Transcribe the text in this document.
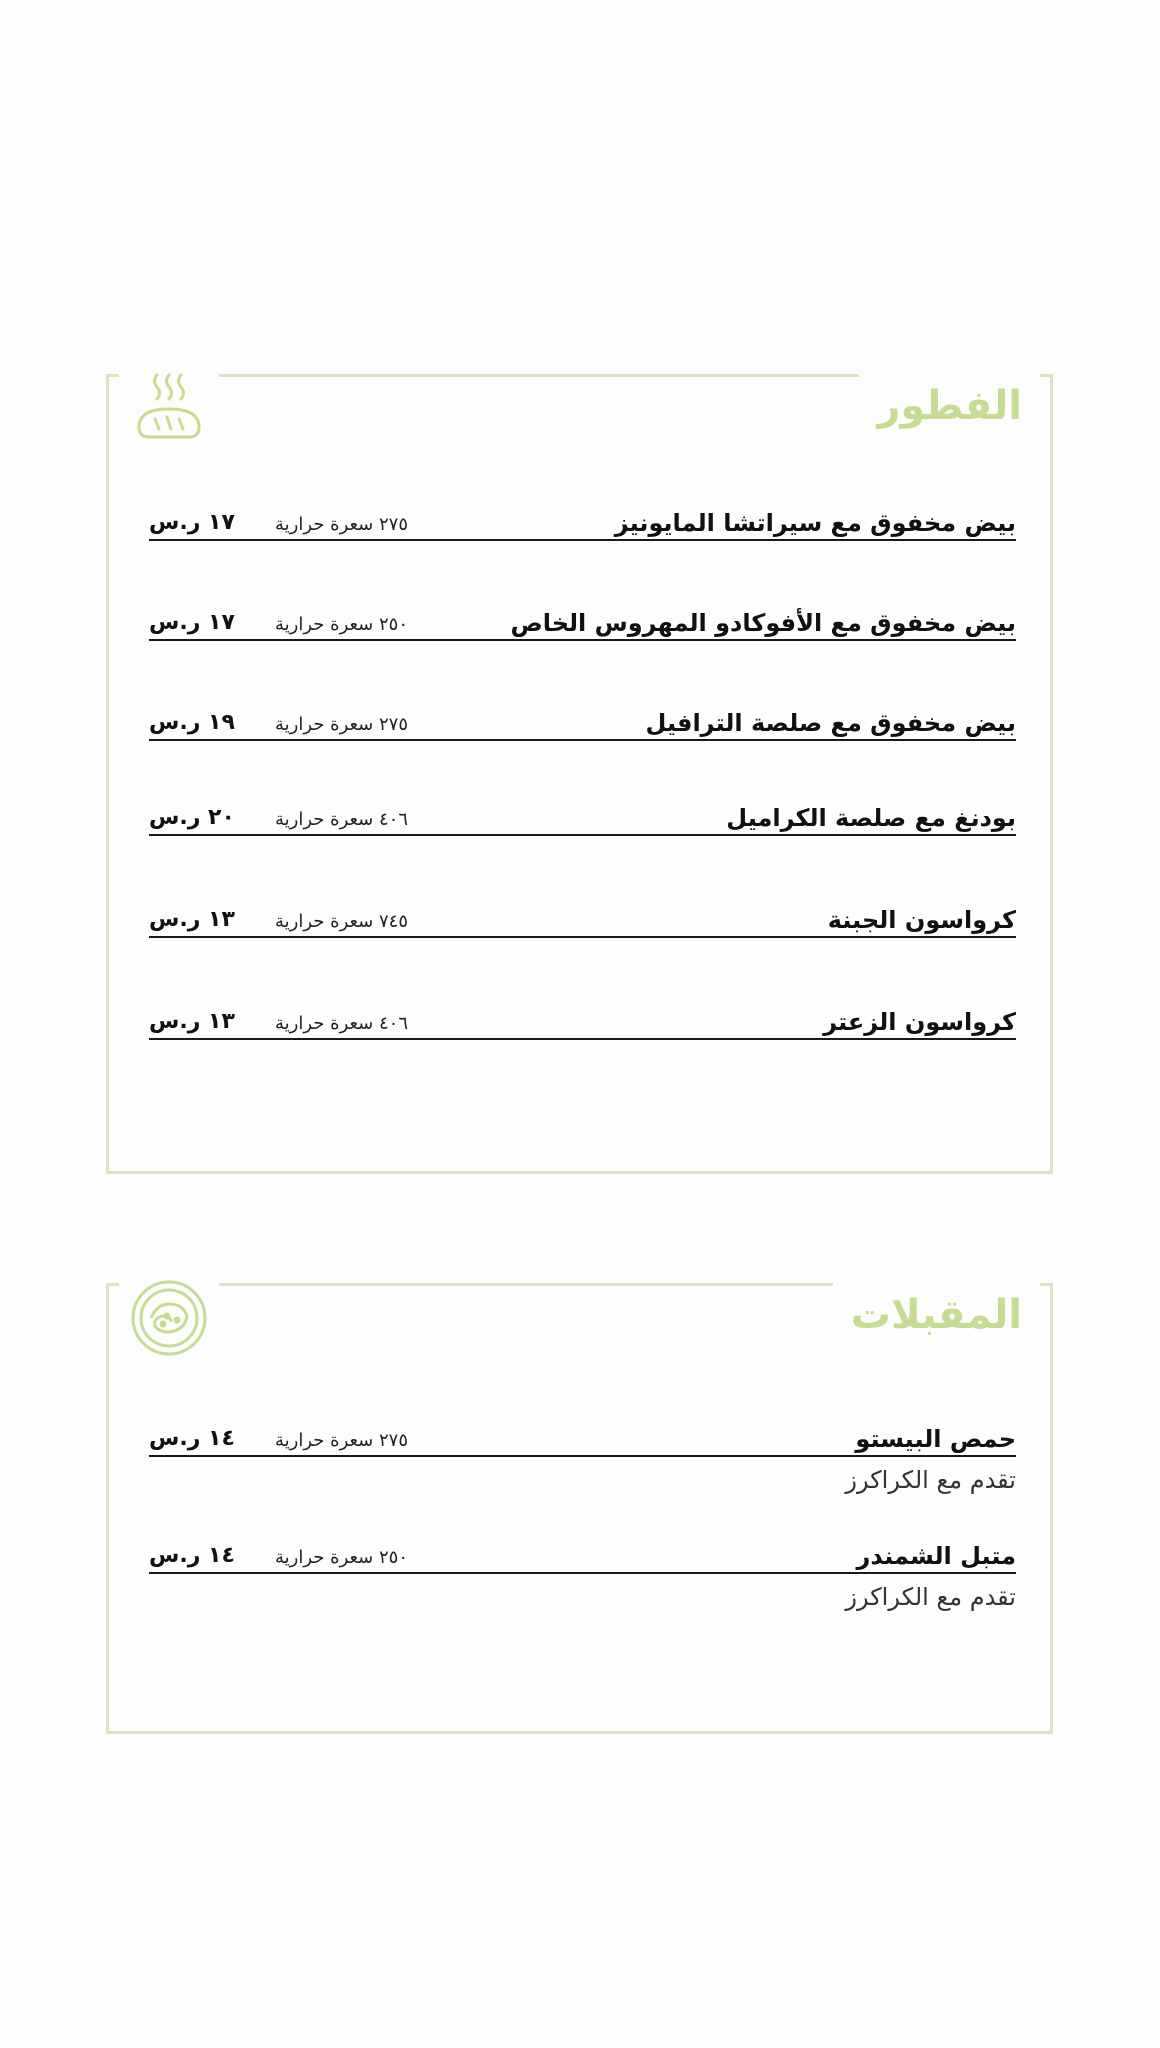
الفطور
بيض مخفوق مع سيراتشا المايونيز
٢٧٥ سعرة حرارية
١٧ ر.س
بيض مخفوق مع الأفوكادو المهروس الخاص
٢٥٠ سعرة حرارية
١٧ ر.س
بيض مخفوق مع صلصة الترافيل
٢٧٥ سعرة حرارية
١٩ ر.س
بودنغ مع صلصة الكراميل
٤٠٦ سعرة حرارية
٢٠ ر.س
كرواسون الجبنة
٧٤٥ سعرة حرارية
١٣ ر.س
كرواسون الزعتر
٤٠٦ سعرة حرارية
١٣ ر.س
المقبلات
حمص البيستو
٢٧٥ سعرة حرارية
١٤ ر.س
تقدم مع الكراكرز
متبل الشمندر
٢٥٠ سعرة حرارية
١٤ ر.س
تقدم مع الكراكرز
